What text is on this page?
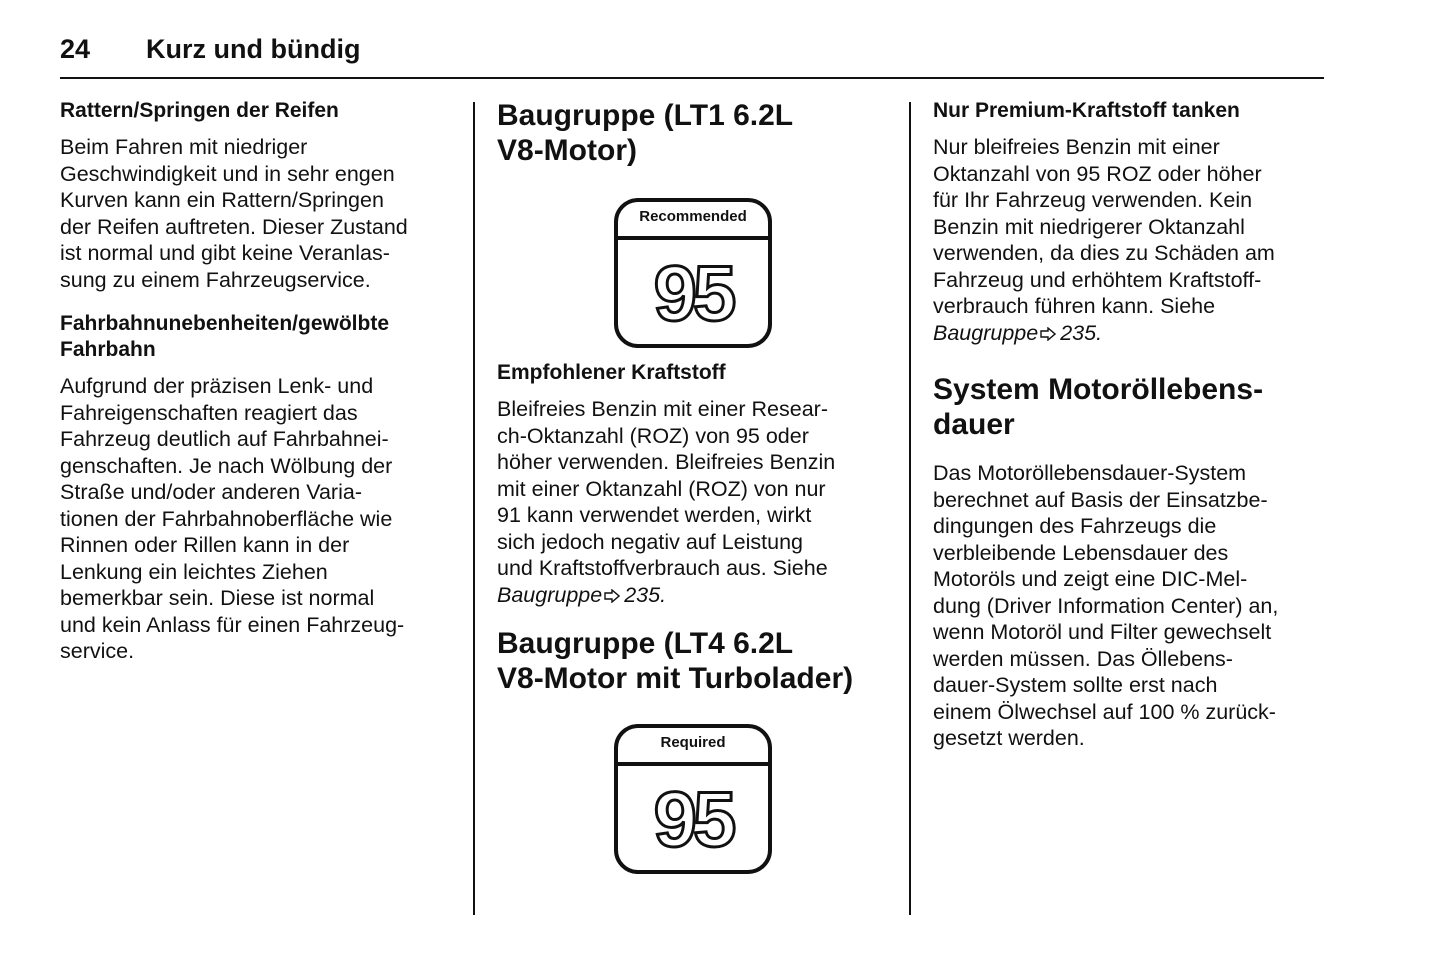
24 Kurz und bündig

Rattern/Springen der Reifen

Beim Fahren mit niedriger
Geschwindigkeit und in sehr engen
Kurven kann ein Rattern/Springen
der Reifen auftreten. Dieser Zustand
ist normal und gibt keine Veranlas-
sung zu einem Fahrzeugservice.

Fahrbahnunebenheiten/gewölbte Fahrbahn

Aufgrund der präzisen Lenk- und
Fahreigenschaften reagiert das
Fahrzeug deutlich auf Fahrbahnei-
genschaften. Je nach Wölbung der
Straße und/oder anderen Varia-
tionen der Fahrbahnoberfläche wie
Rinnen oder Rillen kann in der
Lenkung ein leichtes Ziehen
bemerkbar sein. Diese ist normal
und kein Anlass für einen Fahrzeug-
service.

Baugruppe (LT1 6.2L
V8-Motor)
Recommended
95

Empfohlener Kraftstoff

Bleifreies Benzin mit einer Resear-
ch-Oktanzahl (ROZ) von 95 oder
höher verwenden. Bleifreies Benzin
mit einer Oktanzahl (ROZ) von nur
91 kann verwendet werden, wirkt
sich jedoch negativ auf Leistung
und Kraftstoffverbrauch aus. Siehe
Baugruppe 235.

Baugruppe (LT4 6.2L
V8-Motor mit Turbolader)
Required
95

Nur Premium-Kraftstoff tanken

Nur bleifreies Benzin mit einer
Oktanzahl von 95 ROZ oder höher
für Ihr Fahrzeug verwenden. Kein
Benzin mit niedrigerer Oktanzahl
verwenden, da dies zu Schäden am
Fahrzeug und erhöhtem Kraftstoff-
verbrauch führen kann. Siehe
Baugruppe 235.

System Motoröllebens-
dauer

Das Motoröllebensdauer-System
berechnet auf Basis der Einsatzbe-
dingungen des Fahrzeugs die
verbleibende Lebensdauer des
Motoröls und zeigt eine DIC-Mel-
dung (Driver Information Center) an,
wenn Motoröl und Filter gewechselt
werden müssen. Das Öllebens-
dauer-System sollte erst nach
einem Ölwechsel auf 100 % zurück-
gesetzt werden.
